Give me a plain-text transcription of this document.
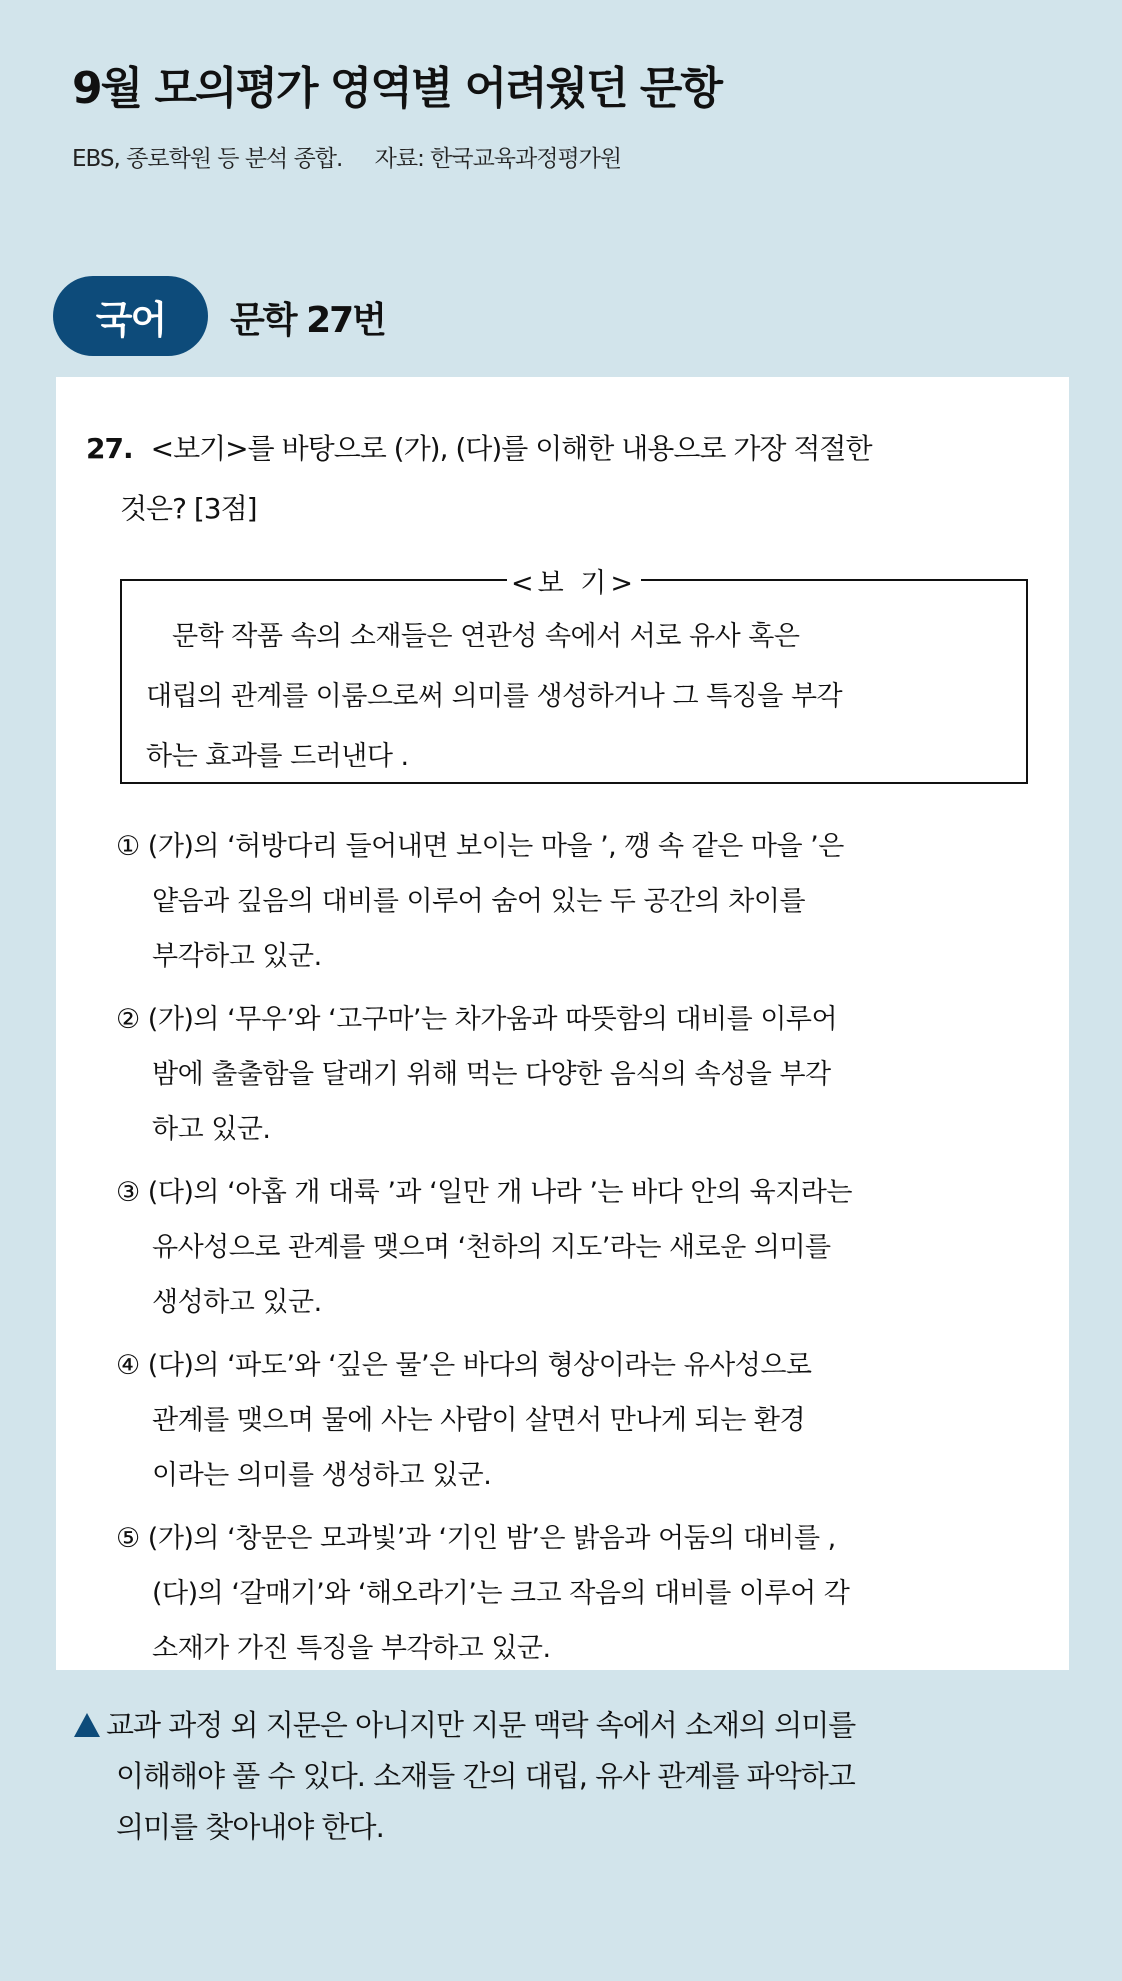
9월 모의평가 영역별 어려웠던 문항
EBS, 종로학원 등 분석 종합. 자료: 한국교육과정평가원
국어	문학 27번
27. <보기>를 바탕으로 (가), (다)를 이해한 내용으로 가장 적절한
것은? [3점]
<보 기>
문학 작품 속의 소재들은 연관성 속에서 서로 유사 혹은
대립의 관계를 이룸으로써 의미를 생성하거나 그 특징을 부각
하는 효과를 드러낸다 .
① (가)의 ‘허방다리 들어내면 보이는 마을 ’, 깽 속 같은 마을 ’은
얕음과 깊음의 대비를 이루어 숨어 있는 두 공간의 차이를
부각하고 있군.
② (가)의 ‘무우’와 ‘고구마’는 차가움과 따뜻함의 대비를 이루어
밤에 출출함을 달래기 위해 먹는 다양한 음식의 속성을 부각
하고 있군.
③ (다)의 ‘아홉 개 대륙 ’과 ‘일만 개 나라 ’는 바다 안의 육지라는
유사성으로 관계를 맺으며 ‘천하의 지도’라는 새로운 의미를
생성하고 있군.
④ (다)의 ‘파도’와 ‘깊은 물’은 바다의 형상이라는 유사성으로
관계를 맺으며 물에 사는 사람이 살면서 만나게 되는 환경
이라는 의미를 생성하고 있군.
⑤ (가)의 ‘창문은 모과빛’과 ‘기인 밤’은 밝음과 어둠의 대비를 ,
(다)의 ‘갈매기’와 ‘해오라기’는 크고 작음의 대비를 이루어 각
소재가 가진 특징을 부각하고 있군.
교과 과정 외 지문은 아니지만 지문 맥락 속에서 소재의 의미를
이해해야 풀 수 있다. 소재들 간의 대립, 유사 관계를 파악하고
의미를 찾아내야 한다.
